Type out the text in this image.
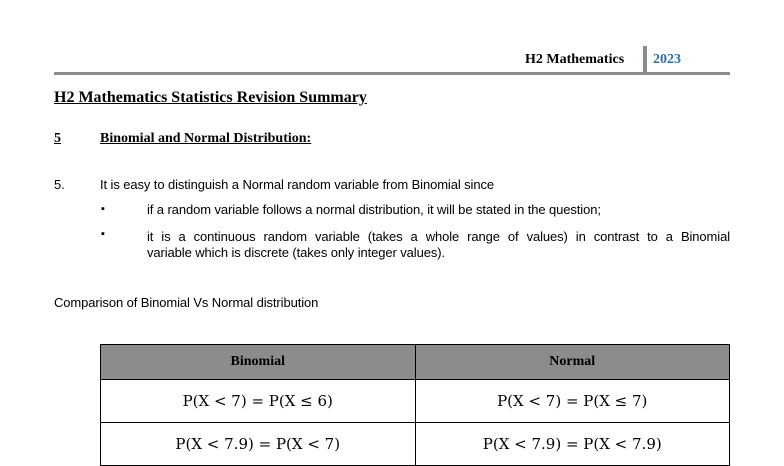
H2 Mathematics 2023
H2 Mathematics Statistics Revision Summary
5	Binomial and Normal Distribution:
5.	It is easy to distinguish a Normal random variable from Binomial since
▪	if a random variable follows a normal distribution, it will be stated in the question;
▪	it is a continuous random variable (takes a whole range of values) in contrast to a Binomial
variable which is discrete (takes only integer values).
Comparison of Binomial Vs Normal distribution
Binomial	Normal
P(X < 7) = P(X ≤ 6)	P(X < 7) = P(X ≤ 7)
P(X < 7.9) = P(X < 7)	P(X < 7.9) = P(X < 7.9)
